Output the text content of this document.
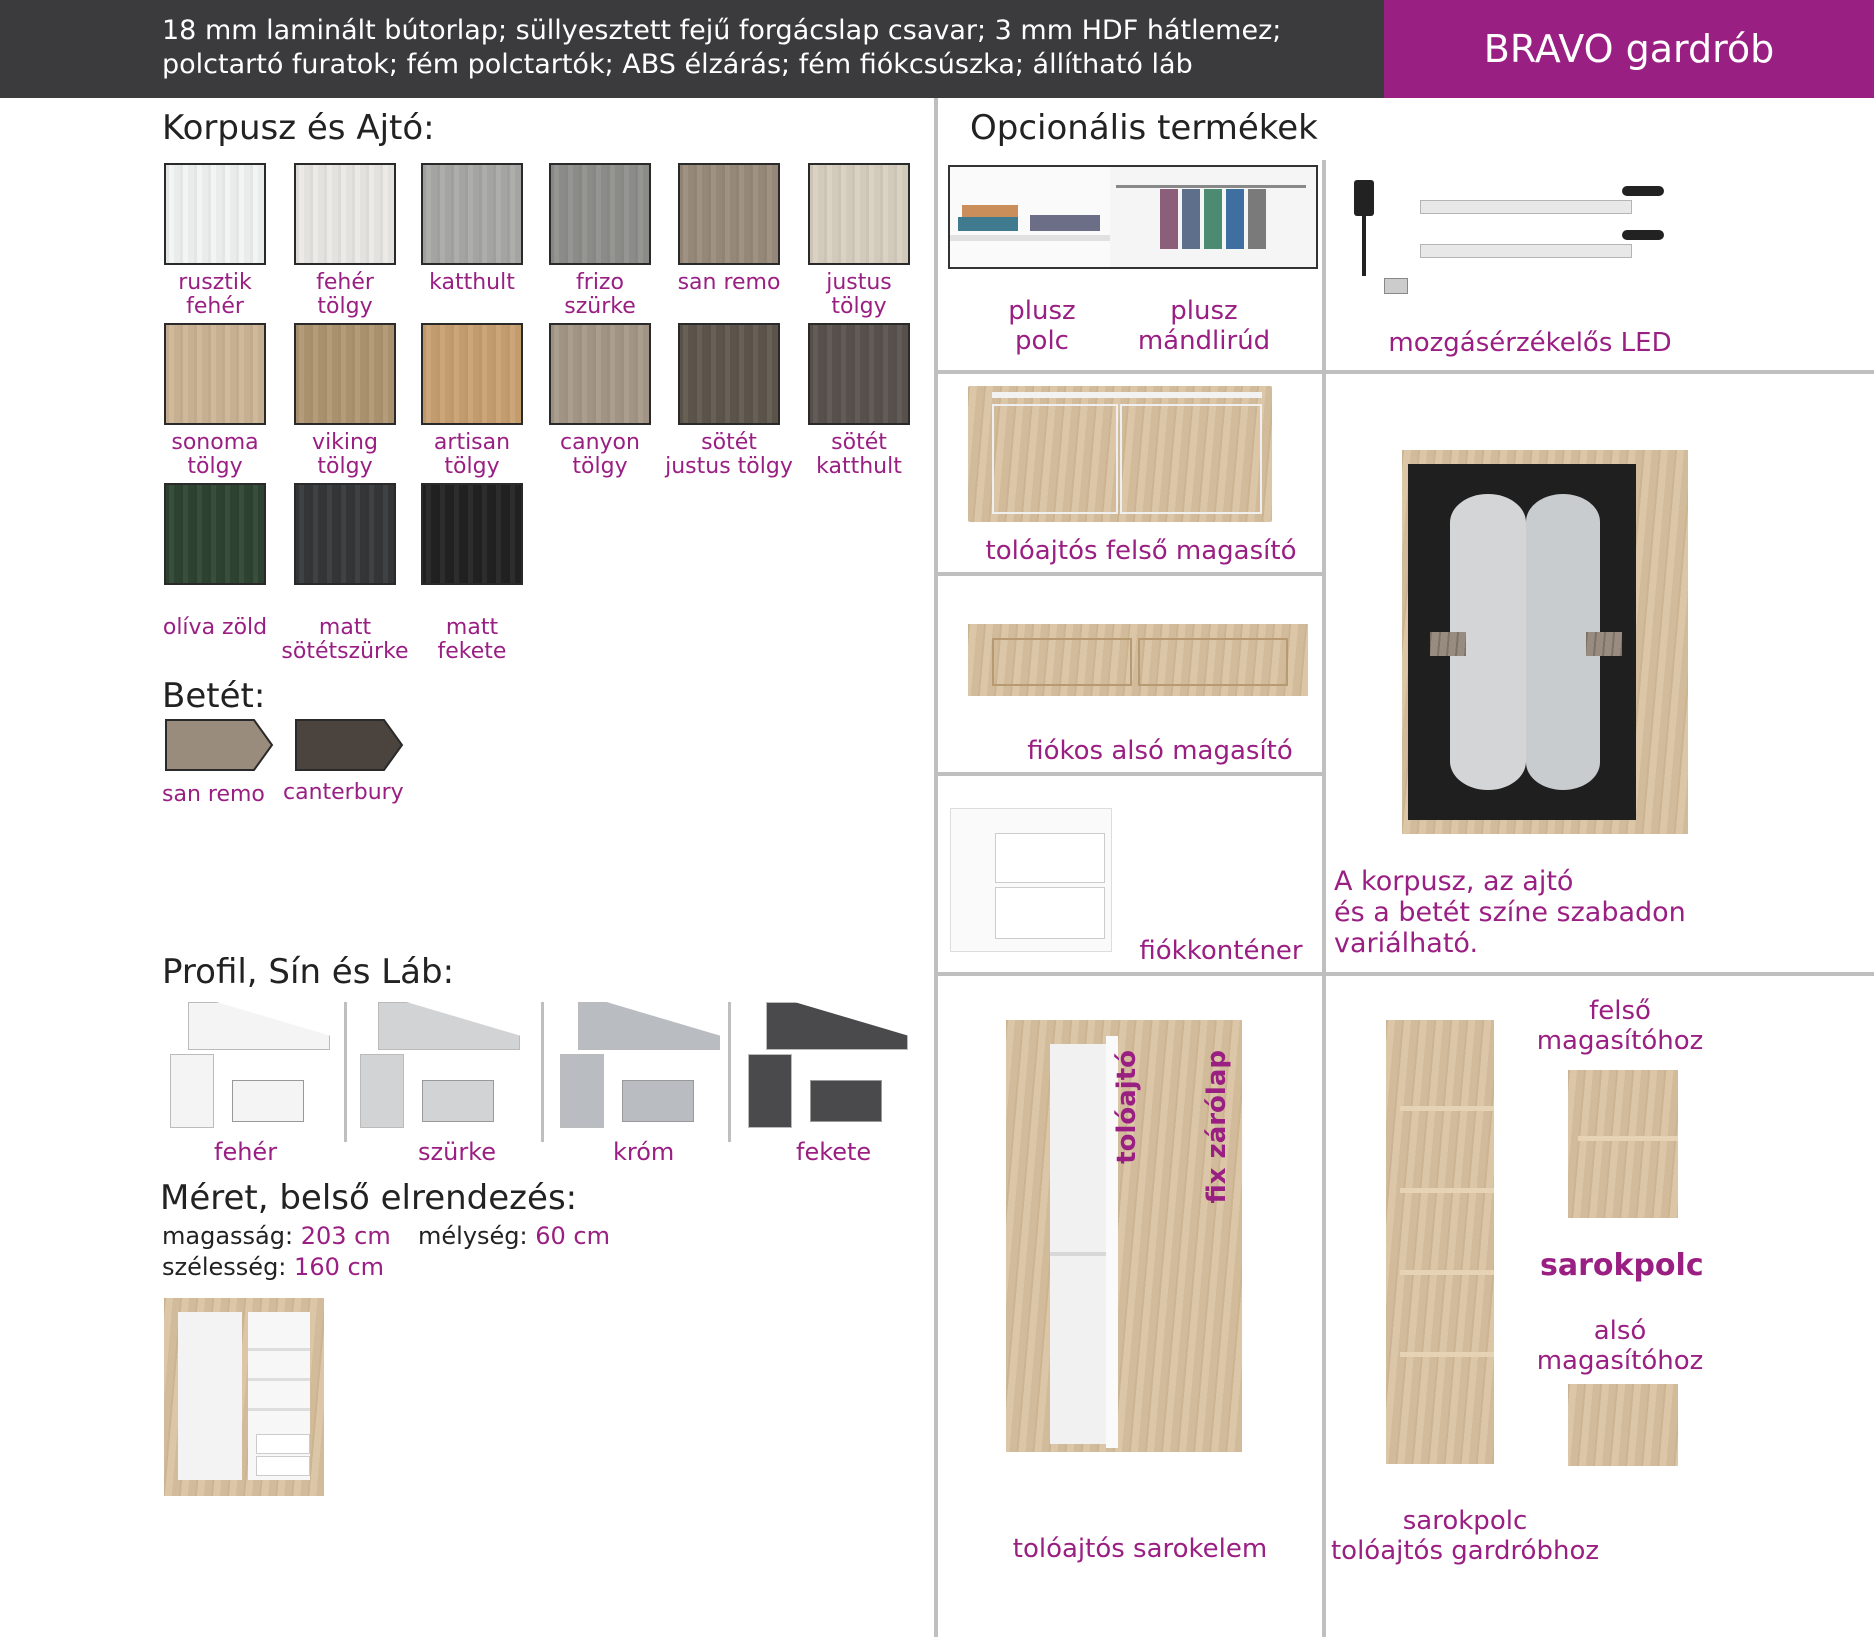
18 mm laminált bútorlap; süllyesztett fejű forgácslap csavar; 3 mm HDF hátlemez;
polctartó furatok; fém polctartók; ABS élzárás; fém fiókcsúszka; állítható láb	BRAVO gardrób
Korpusz és Ajtó:
rusztik
fehér
fehér
tölgy
katthult	frizo
szürke
san remo	justus
tölgy
sonoma
tölgy
viking
tölgy
artisan
tölgy
canyon
tölgy
sötét
justus tölgy
sötét
katthult
olíva zöld	matt
sötétszürke
matt
fekete
Betét:
san remo canterbury
Profil, Sín és Láb:
fehér	szürke	króm	fekete
Méret, belső elrendezés:
magasság: 203 cm mélység: 60 cm
szélesség: 160 cm
Opcionális termékek
plusz
polc
plusz
mándlirúd	mozgásérzékelős LED
tolóajtós felső magasító
fiókos alsó magasító
fiókkonténer
A korpusz, az ajtó
és a betét színe szabadon
variálható.
tolóajtó fix zárólap
tolóajtós sarokelem
felső
magasítóhoz
sarokpolc
alsó
magasítóhoz
sarokpolc
tolóajtós gardróbhoz
